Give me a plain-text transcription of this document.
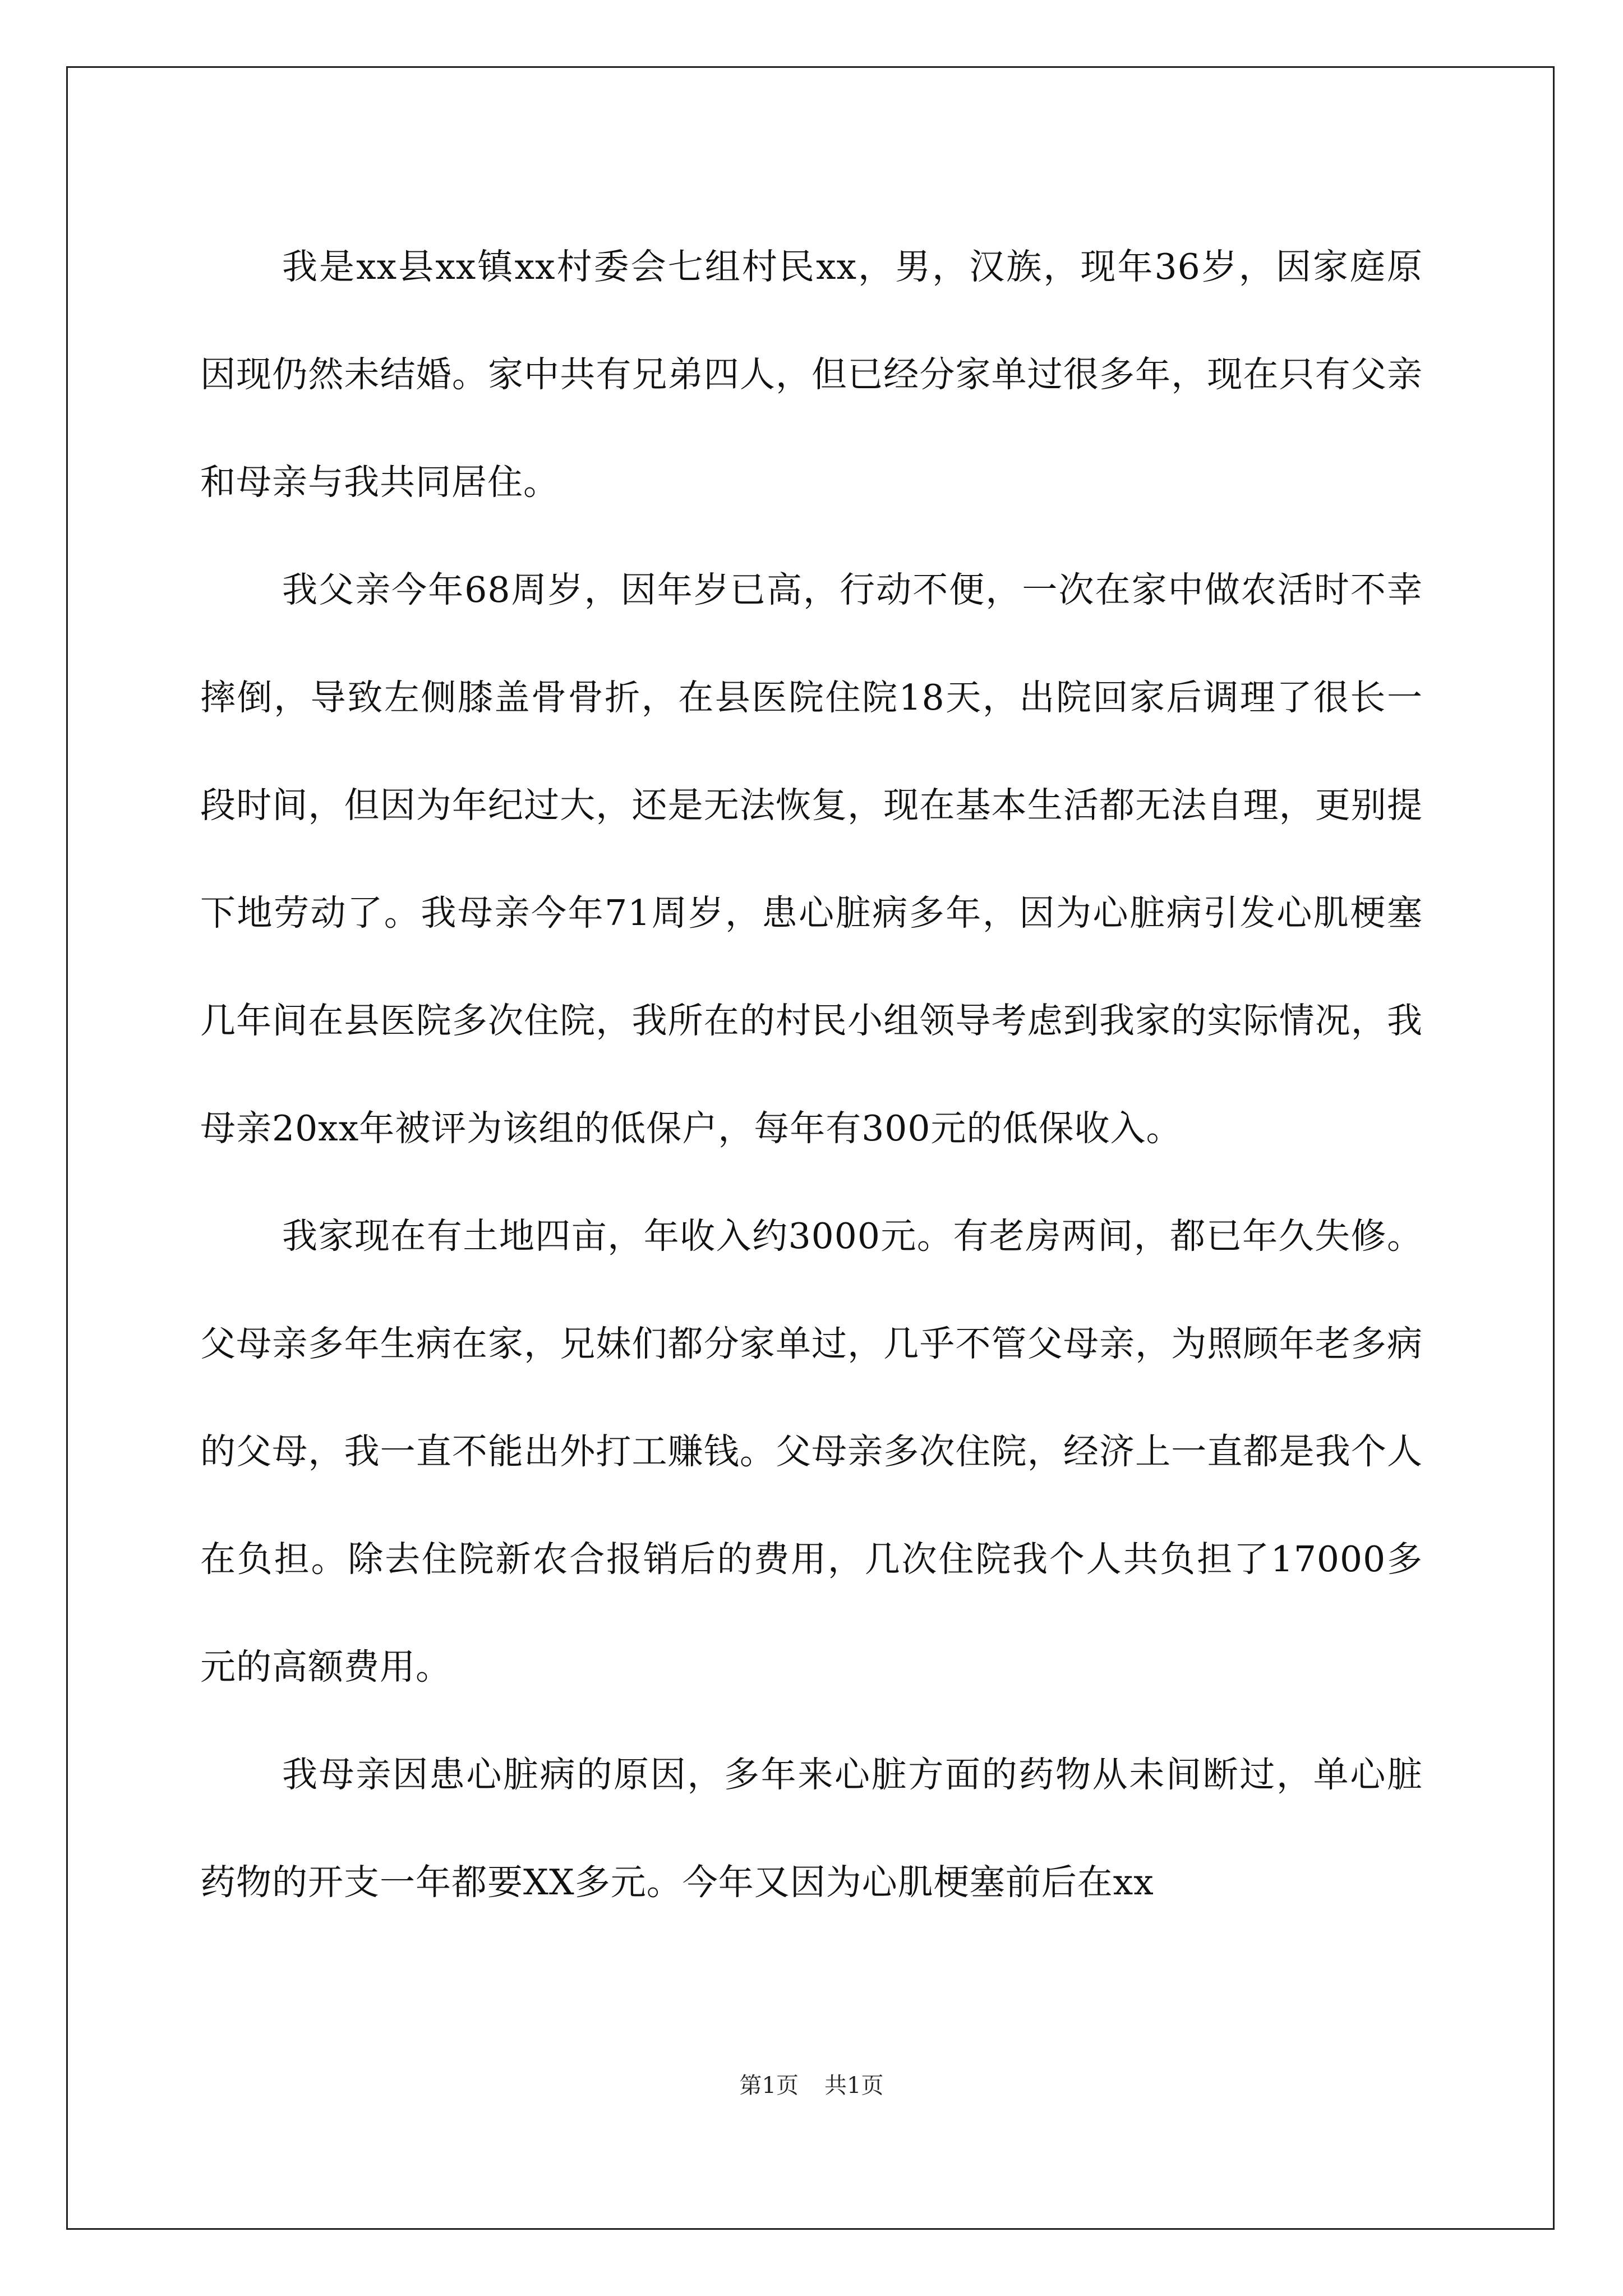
我是xx县xx镇xx村委会七组村民xx，男，汉族，现年36岁，因家庭原因现仍然未结婚。家中共有兄弟四人，但已经分家单过很多年，现在只有父亲和母亲与我共同居住。

我父亲今年68周岁，因年岁已高，行动不便，一次在家中做农活时不幸摔倒，导致左侧膝盖骨骨折，在县医院住院18天，出院回家后调理了很长一段时间，但因为年纪过大，还是无法恢复，现在基本生活都无法自理，更别提下地劳动了。我母亲今年71周岁，患心脏病多年，因为心脏病引发心肌梗塞几年间在县医院多次住院，我所在的村民小组领导考虑到我家的实际情况，我母亲20xx年被评为该组的低保户，每年有300元的低保收入。

我家现在有土地四亩，年收入约3000元。有老房两间，都已年久失修。父母亲多年生病在家，兄妹们都分家单过，几乎不管父母亲，为照顾年老多病的父母，我一直不能出外打工赚钱。父母亲多次住院，经济上一直都是我个人在负担。除去住院新农合报销后的费用，几次住院我个人共负担了17000多元的高额费用。

我母亲因患心脏病的原因，多年来心脏方面的药物从未间断过，单心脏药物的开支一年都要XX多元。今年又因为心肌梗塞前后在xx

第1页 共1页
